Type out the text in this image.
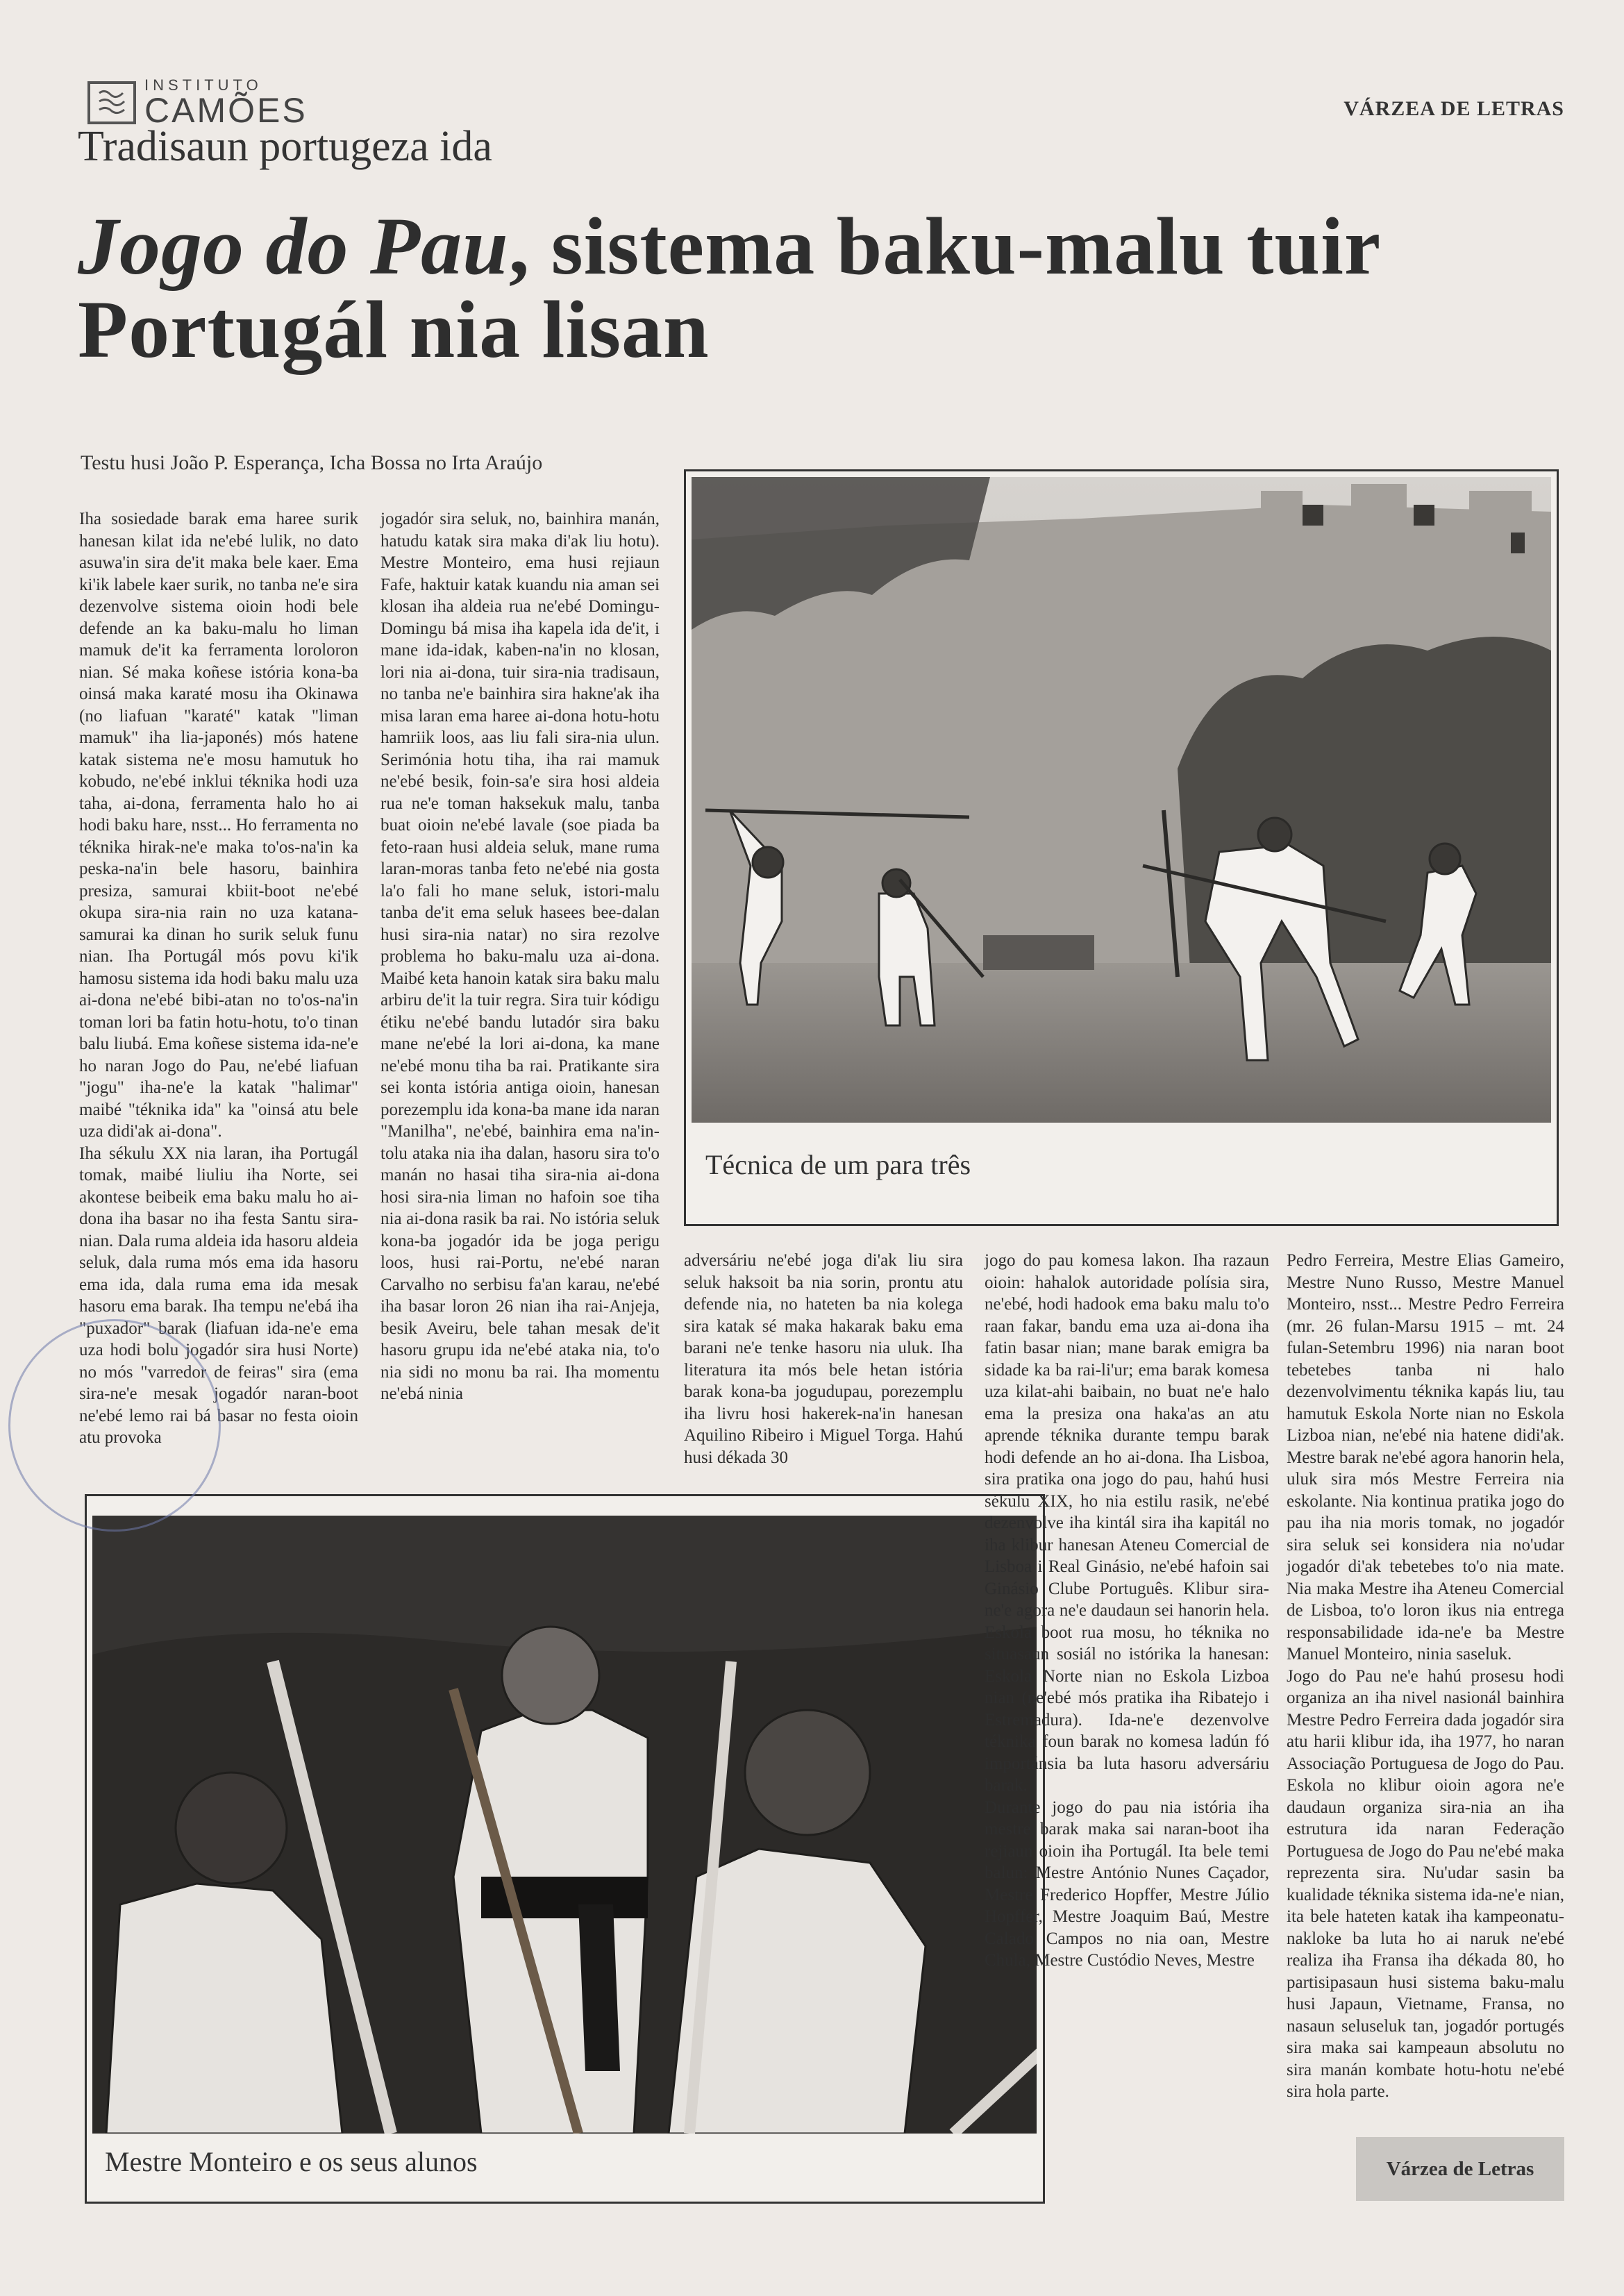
INSTITUTO
CAMÕES	VÁRZEA DE LETRAS
Tradisaun portugeza ida
Jogo do Pau, sistema baku-malu tuir Portugál nia lisan
Testu husi João P. Esperança, Icha Bossa no Irta Araújo

Iha sosiedade barak ema haree surik hanesan kilat ida ne'ebé lulik, no dato asuwa'in sira de'it maka bele kaer. Ema ki'ik labele kaer surik, no tanba ne'e sira dezenvolve sistema oioin hodi bele defende an ka baku-malu ho liman mamuk de'it ka ferramenta loroloron nian. Sé maka koñese istória kona-ba oinsá maka karaté mosu iha Okinawa (no liafuan "karaté" katak "liman mamuk" iha lia-japonés) mós hatene katak sistema ne'e mosu hamutuk ho kobudo, ne'ebé inklui téknika hodi uza taha, ai-dona, ferramenta halo ho ai hodi baku hare, nsst... Ho ferramenta no téknika hirak-ne'e maka to'os-na'in ka peska-na'in bele hasoru, bainhira presiza, samurai kbiit-boot ne'ebé okupa sira-nia rain no uza katana-samurai ka dinan ho surik seluk funu nian. Iha Portugál mós povu ki'ik hamosu sistema ida hodi baku malu uza ai-dona ne'ebé bibi-atan no to'os-na'in toman lori ba fatin hotu-hotu, to'o tinan balu liubá. Ema koñese sistema ida-ne'e ho naran Jogo do Pau, ne'ebé liafuan "jogu" iha-ne'e la katak "halimar" maibé "téknika ida" ka "oinsá atu bele uza didi'ak ai-dona".

Iha sékulu XX nia laran, iha Portugál tomak, maibé liuliu iha Norte, sei akontese beibeik ema baku malu ho ai-dona iha basar no iha festa Santu sira-nian. Dala ruma aldeia ida hasoru aldeia seluk, dala ruma mós ema ida hasoru ema ida, dala ruma ema ida mesak hasoru ema barak. Iha tempu ne'ebá iha "puxador" barak (liafuan ida-ne'e ema uza hodi bolu jogadór sira husi Norte) no mós "varredor de feiras" sira (ema sira-ne'e mesak jogadór naran-boot ne'ebé lemo rai bá basar no festa oioin atu provoka

jogadór sira seluk, no, bainhira manán, hatudu katak sira maka di'ak liu hotu). Mestre Monteiro, ema husi rejiaun Fafe, haktuir katak kuandu nia aman sei klosan iha aldeia rua ne'ebé Domingu-Domingu bá misa iha kapela ida de'it, i mane ida-idak, kaben-na'in no klosan, lori nia ai-dona, tuir sira-nia tradisaun, no tanba ne'e bainhira sira hakne'ak iha misa laran ema haree ai-dona hotu-hotu hamriik loos, aas liu fali sira-nia ulun. Serimónia hotu tiha, iha rai mamuk ne'ebé besik, foin-sa'e sira hosi aldeia rua ne'e toman haksekuk malu, tanba buat oioin ne'ebé lavale (soe piada ba feto-raan husi aldeia seluk, mane ruma laran-moras tanba feto ne'ebé nia gosta la'o fali ho mane seluk, istori-malu tanba de'it ema seluk hasees bee-dalan husi sira-nia natar) no sira rezolve problema ho baku-malu uza ai-dona. Maibé keta hanoin katak sira baku malu arbiru de'it la tuir regra. Sira tuir kódigu étiku ne'ebé bandu lutadór sira baku mane ne'ebé la lori ai-dona, ka mane ne'ebé monu tiha ba rai. Pratikante sira sei konta istória antiga oioin, hanesan porezemplu ida kona-ba mane ida naran "Manilha", ne'ebé, bainhira ema na'in-tolu ataka nia iha dalan, hasoru sira to'o manán no hasai tiha sira-nia ai-dona hosi sira-nia liman no hafoin soe tiha nia ai-dona rasik ba rai. No istória seluk kona-ba jogadór ida be joga perigu loos, husi rai-Portu, ne'ebé naran Carvalho no serbisu fa'an karau, ne'ebé iha basar loron 26 nian iha rai-Anjeja, besik Aveiru, bele tahan mesak de'it hasoru grupu ida ne'ebé ataka nia, to'o nia sidi no monu ba rai. Iha momentu ne'ebá ninia

Técnica de um para três

adversáriu ne'ebé joga di'ak liu sira seluk haksoit ba nia sorin, prontu atu defende nia, no hateten ba nia kolega sira katak sé maka hakarak baku ema barani ne'e tenke hasoru nia uluk. Iha literatura ita mós bele hetan istória barak kona-ba jogudupau, porezemplu iha livru hosi hakerek-na'in hanesan Aquilino Ribeiro i Miguel Torga. Hahú husi dékada 30

Mestre Monteiro e os seus alunos

jogo do pau komesa lakon. Iha razaun oioin: hahalok autoridade polísia sira, ne'ebé, hodi hadook ema baku malu to'o raan fakar, bandu ema uza ai-dona iha fatin basar nian; mane barak emigra ba sidade ka ba rai-li'ur; ema barak komesa uza kilat-ahi baibain, no buat ne'e halo ema la presiza ona haka'as an atu aprende téknika durante tempu barak hodi defende an ho ai-dona. Iha Lisboa, sira pratika ona jogo do pau, hahú husi sékulu XIX, ho nia estilu rasik, ne'ebé dezenvolve iha kintál sira iha kapitál no iha klibur hanesan Ateneu Comercial de Lisboa i Real Ginásio, ne'ebé hafoin sai Ginásio Clube Português. Klibur sira-ne'e agora ne'e daudaun sei hanorin hela. Eskola boot rua mosu, ho téknika no situasaun sosiál no istórika la hanesan: Eskola Norte nian no Eskola Lizboa nian (ne'ebé mós pratika iha Ribatejo i Estremadura). Ida-ne'e dezenvolve téknika foun barak no komesa ladún fó importánsia ba luta hasoru adversáriu barak.

Durante jogo do pau nia istória iha mestre barak maka sai naran-boot iha rejiaun oioin iha Portugál. Ita bele temi balun: Mestre António Nunes Caçador, Mestre Frederico Hopffer, Mestre Júlio Hopffer, Mestre Joaquim Baú, Mestre Calado Campos no nia oan, Mestre Chula, Mestre Custódio Neves, Mestre

Pedro Ferreira, Mestre Elias Gameiro, Mestre Nuno Russo, Mestre Manuel Monteiro, nsst... Mestre Pedro Ferreira (mr. 26 fulan-Marsu 1915 – mt. 24 fulan-Setembru 1996) nia naran boot tebetebes tanba ni halo dezenvolvimentu téknika kapás liu, tau hamutuk Eskola Norte nian no Eskola Lizboa nian, ne'ebé nia hatene didi'ak. Mestre barak ne'ebé agora hanorin hela, uluk sira mós Mestre Ferreira nia eskolante. Nia kontinua pratika jogo do pau iha nia moris tomak, no jogadór sira seluk sei konsidera nia no'udar jogadór di'ak tebetebes to'o nia mate. Nia maka Mestre iha Ateneu Comercial de Lisboa, to'o loron ikus nia entrega responsabilidade ida-ne'e ba Mestre Manuel Monteiro, ninia saseluk.

Jogo do Pau ne'e hahú prosesu hodi organiza an iha nivel nasionál bainhira Mestre Pedro Ferreira dada jogadór sira atu harii klibur ida, iha 1977, ho naran Associação Portuguesa de Jogo do Pau. Eskola no klibur oioin agora ne'e daudaun organiza sira-nia an iha estrutura ida naran Federação Portuguesa de Jogo do Pau ne'ebé maka reprezenta sira. Nu'udar sasin ba kualidade téknika sistema ida-ne'e nian, ita bele hateten katak iha kampeonatu-nakloke ba luta ho ai naruk ne'ebé realiza iha Fransa iha dékada 80, ho partisipasaun husi sistema baku-malu husi Japaun, Vietname, Fransa, no nasaun seluseluk tan, jogadór portugés sira maka sai kampeaun absolutu no sira manán kombate hotu-hotu ne'ebé sira hola parte.

Várzea de Letras
